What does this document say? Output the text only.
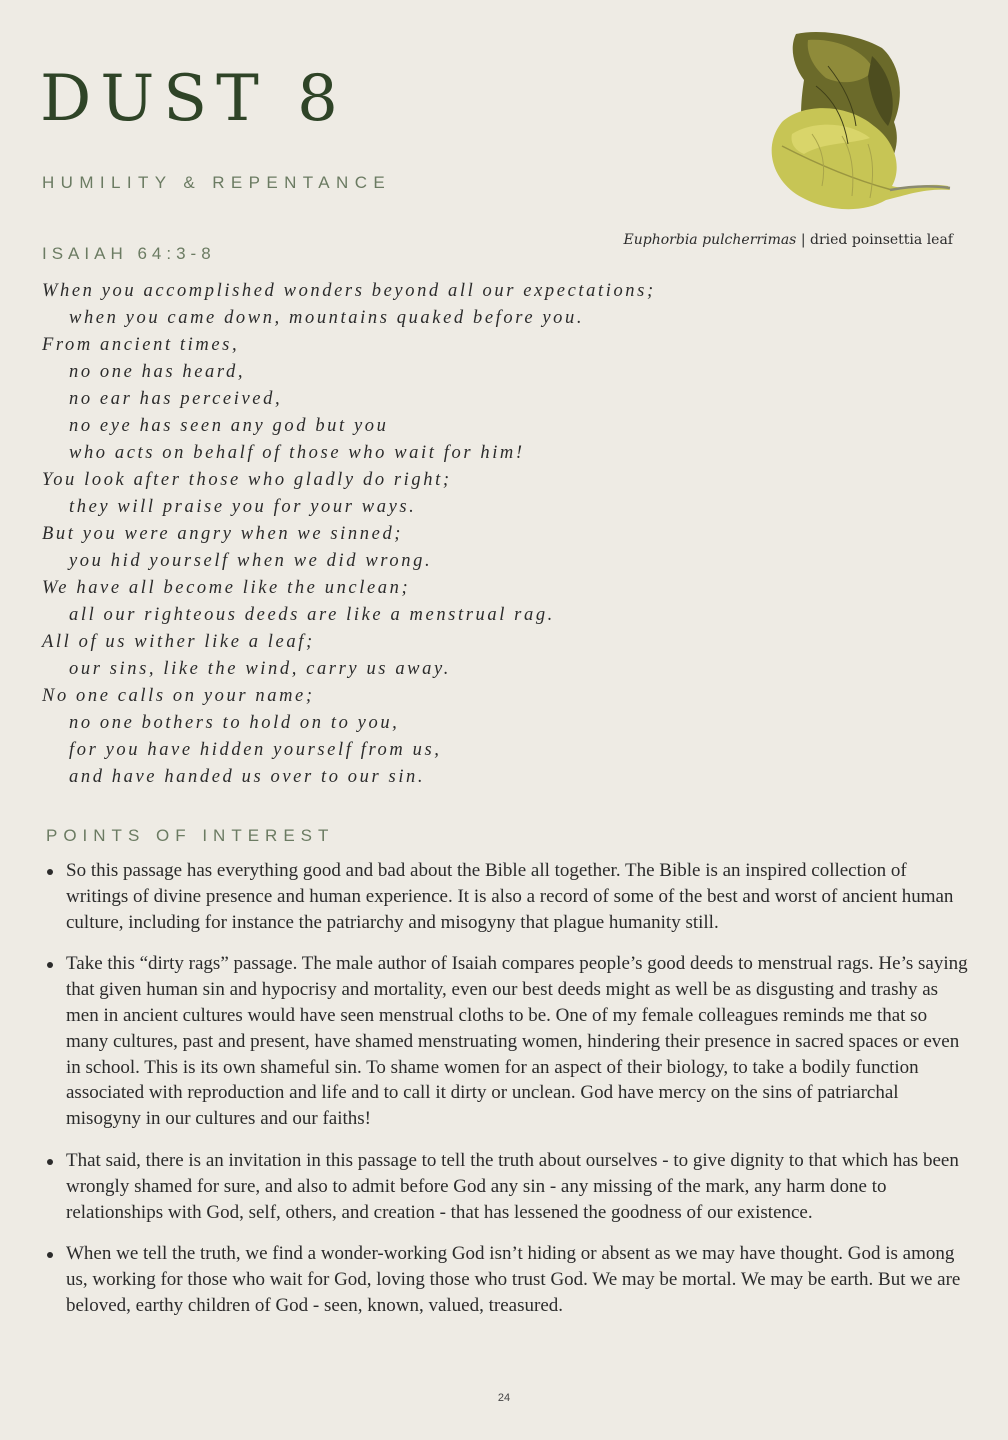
DUST 8
HUMILITY & REPENTANCE
Euphorbia pulcherrimas | dried poinsettia leaf
ISAIAH 64:3-8
When you accomplished wonders beyond all our expectations;
when you came down, mountains quaked before you.
From ancient times,
no one has heard,
no ear has perceived,
no eye has seen any god but you
who acts on behalf of those who wait for him!
You look after those who gladly do right;
they will praise you for your ways.
But you were angry when we sinned;
you hid yourself when we did wrong.
We have all become like the unclean;
all our righteous deeds are like a menstrual rag.
All of us wither like a leaf;
our sins, like the wind, carry us away.
No one calls on your name;
no one bothers to hold on to you,
for you have hidden yourself from us,
and have handed us over to our sin.
POINTS OF INTEREST
So this passage has everything good and bad about the Bible all together. The Bible is an inspired collection of writings of divine presence and human experience. It is also a record of some of the best and worst of ancient human culture, including for instance the patriarchy and misogyny that plague humanity still.
Take this “dirty rags” passage. The male author of Isaiah compares people’s good deeds to menstrual rags. He’s saying that given human sin and hypocrisy and mortality, even our best deeds might as well be as disgusting and trashy as men in ancient cultures would have seen menstrual cloths to be. One of my female colleagues reminds me that so many cultures, past and present, have shamed menstruating women, hindering their presence in sacred spaces or even in school. This is its own shameful sin. To shame women for an aspect of their biology, to take a bodily function associated with reproduction and life and to call it dirty or unclean. God have mercy on the sins of patriarchal misogyny in our cultures and our faiths!
That said, there is an invitation in this passage to tell the truth about ourselves - to give dignity to that which has been wrongly shamed for sure, and also to admit before God any sin - any missing of the mark, any harm done to relationships with God, self, others, and creation - that has lessened the goodness of our existence.
When we tell the truth, we find a wonder-working God isn’t hiding or absent as we may have thought. God is among us, working for those who wait for God, loving those who trust God. We may be mortal. We may be earth. But we are beloved, earthy children of God - seen, known, valued, treasured.
24
